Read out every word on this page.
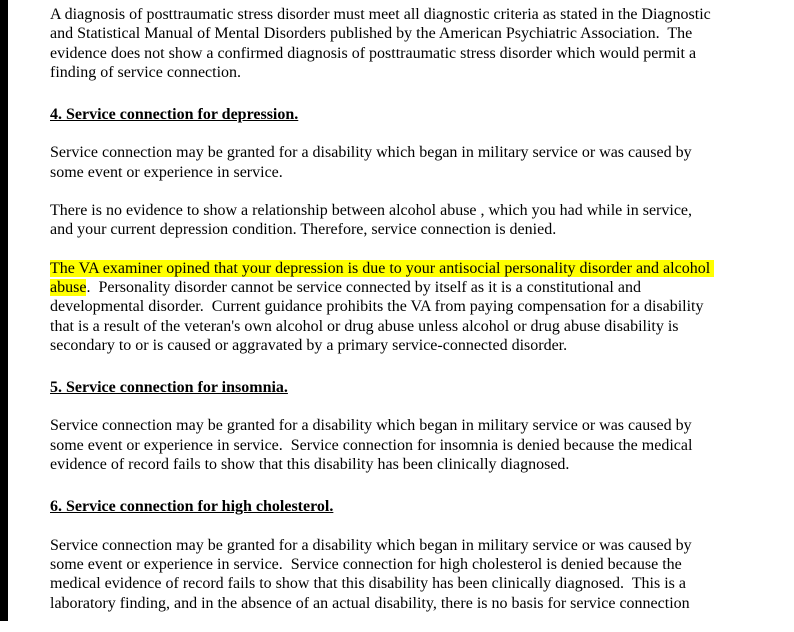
A diagnosis of posttraumatic stress disorder must meet all diagnostic criteria as stated in the Diagnostic and Statistical Manual of Mental Disorders published by the American Psychiatric Association.  The evidence does not show a confirmed diagnosis of posttraumatic stress disorder which would permit a finding of service connection.

4. Service connection for depression.

Service connection may be granted for a disability which began in military service or was caused by some event or experience in service.

There is no evidence to show a relationship between alcohol abuse , which you had while in service, and your current depression condition. Therefore, service connection is denied.

The VA examiner opined that your depression is due to your antisocial personality disorder and alcohol abuse.  Personality disorder cannot be service connected by itself as it is a constitutional and developmental disorder.  Current guidance prohibits the VA from paying compensation for a disability that is a result of the veteran's own alcohol or drug abuse unless alcohol or drug abuse disability is secondary to or is caused or aggravated by a primary service-connected disorder.

5. Service connection for insomnia.

Service connection may be granted for a disability which began in military service or was caused by some event or experience in service.  Service connection for insomnia is denied because the medical evidence of record fails to show that this disability has been clinically diagnosed.

6. Service connection for high cholesterol.

Service connection may be granted for a disability which began in military service or was caused by some event or experience in service.  Service connection for high cholesterol is denied because the medical evidence of record fails to show that this disability has been clinically diagnosed.  This is a laboratory finding, and in the absence of an actual disability, there is no basis for service connection
